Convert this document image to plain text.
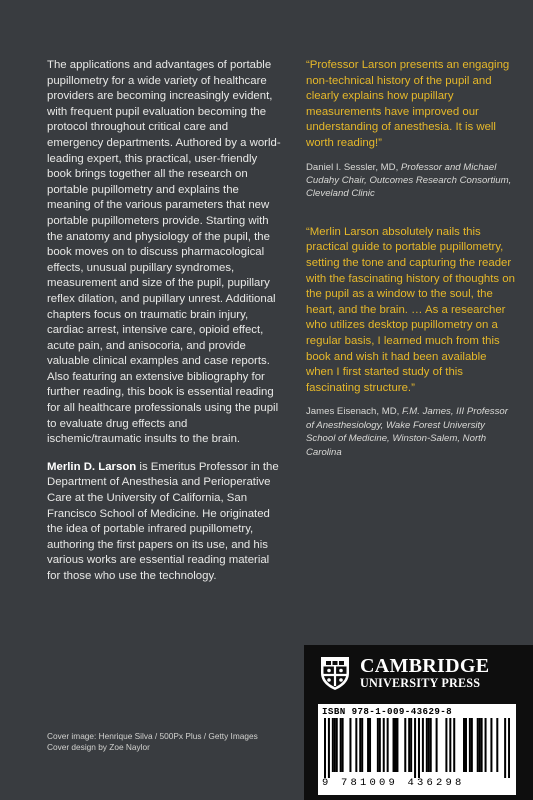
The applications and advantages of portable pupillometry for a wide variety of healthcare providers are becoming increasingly evident, with frequent pupil evaluation becoming the protocol throughout critical care and emergency departments. Authored by a world-leading expert, this practical, user-friendly book brings together all the research on portable pupillometry and explains the meaning of the various parameters that new portable pupillometers provide. Starting with the anatomy and physiology of the pupil, the book moves on to discuss pharmacological effects, unusual pupillary syndromes, measurement and size of the pupil, pupillary reflex dilation, and pupillary unrest. Additional chapters focus on traumatic brain injury, cardiac arrest, intensive care, opioid effect, acute pain, and anisocoria, and provide valuable clinical examples and case reports. Also featuring an extensive bibliography for further reading, this book is essential reading for all healthcare professionals using the pupil to evaluate drug effects and ischemic/traumatic insults to the brain.

Merlin D. Larson is Emeritus Professor in the Department of Anesthesia and Perioperative Care at the University of California, San Francisco School of Medicine. He originated the idea of portable infrared pupillometry, authoring the first papers on its use, and his various works are essential reading material for those who use the technology.

“Professor Larson presents an engaging non-technical history of the pupil and clearly explains how pupillary measurements have improved our understanding of anesthesia. It is well worth reading!”

Daniel I. Sessler, MD, Professor and Michael Cudahy Chair, Outcomes Research Consortium, Cleveland Clinic

“Merlin Larson absolutely nails this practical guide to portable pupillometry, setting the tone and capturing the reader with the fascinating history of thoughts on the pupil as a window to the soul, the heart, and the brain. … As a researcher who utilizes desktop pupillometry on a regular basis, I learned much from this book and wish it had been available when I first started study of this fascinating structure.”

James Eisenach, MD, F.M. James, III Professor of Anesthesiology, Wake Forest University School of Medicine, Winston-Salem, North Carolina

Cover image: Henrique Silva / 500Px Plus / Getty Images
Cover design by Zoe Naylor
CAMBRIDGE
UNIVERSITY PRESS
ISBN 978-1-009-43629-8
9 781009 436298
